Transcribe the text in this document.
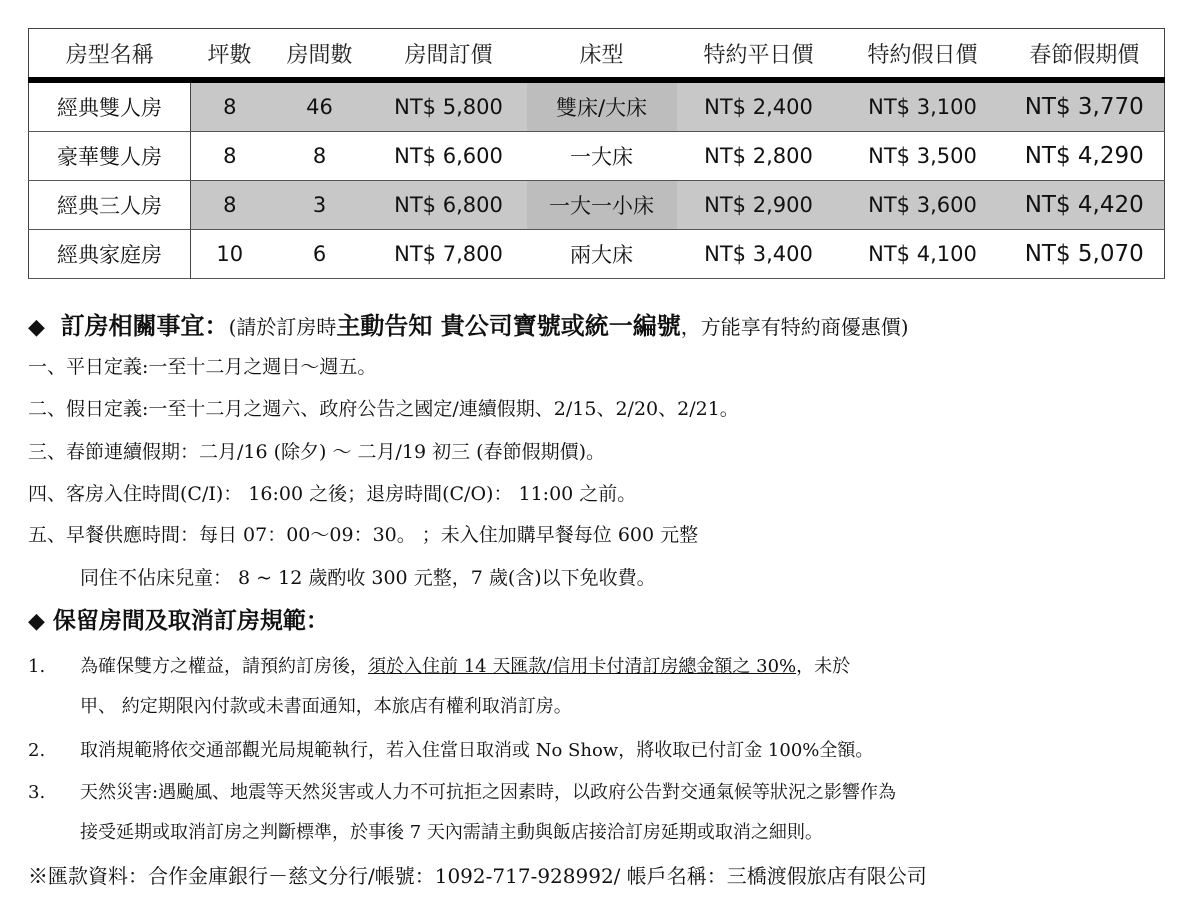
房型名稱	坪數	房間數	房間訂價	床型	特約平日價	特約假日價	春節假期價
經典雙人房	8	46	NT$ 5,800	雙床/大床	NT$ 2,400	NT$ 3,100	NT$ 3,770
豪華雙人房	8	8	NT$ 6,600	一大床	NT$ 2,800	NT$ 3,500	NT$ 4,290
經典三人房	8	3	NT$ 6,800	一大一小床	NT$ 2,900	NT$ 3,600	NT$ 4,420
經典家庭房	10	6	NT$ 7,800	兩大床	NT$ 3,400	NT$ 4,100	NT$ 5,070
◆ 訂房相關事宜：(請於訂房時主動告知 貴公司寶號或統一編號，方能享有特約商優惠價)
一、平日定義:一至十二月之週日～週五。
二、假日定義:一至十二月之週六、政府公告之國定/連續假期、2/15、2/20、2/21。
三、春節連續假期：二月/16 (除夕) ～ 二月/19 初三 (春節假期價)。
四、客房入住時間(C/I)： 16:00 之後；退房時間(C/O)： 11:00 之前。
五、早餐供應時間：每日 07：00～09：30。 ；未入住加購早餐每位 600 元整
同住不佔床兒童： 8 ~ 12 歲酌收 300 元整，7 歲(含)以下免收費。
◆ 保留房間及取消訂房規範：
1. 為確保雙方之權益，請預約訂房後，須於入住前 14 天匯款/信用卡付清訂房總金額之 30%，未於
甲、 約定期限內付款或未書面通知，本旅店有權利取消訂房。
2. 取消規範將依交通部觀光局規範執行，若入住當日取消或 No Show，將收取已付訂金 100%全額。
3. 天然災害:遇颱風、地震等天然災害或人力不可抗拒之因素時，以政府公告對交通氣候等狀況之影響作為
接受延期或取消訂房之判斷標準，於事後 7 天內需請主動與飯店接洽訂房延期或取消之細則。
※匯款資料：合作金庫銀行－慈文分行/帳號：1092-717-928992/ 帳戶名稱：三橋渡假旅店有限公司
